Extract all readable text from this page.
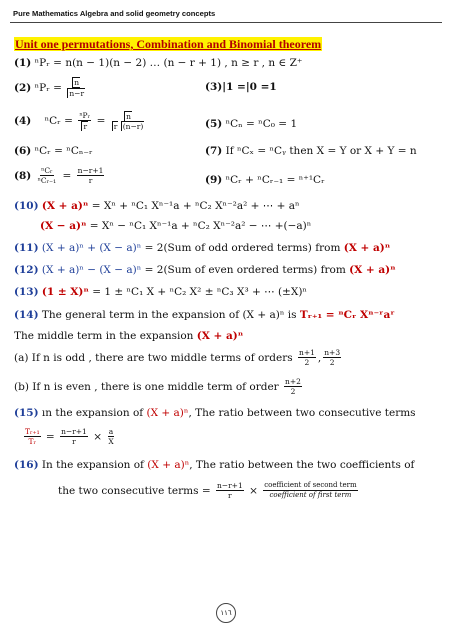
Pure Mathematics Algebra and solid geometry concepts
Unit one permutations, Combination and Binomial theorem
(1) ⁿPᵣ = n(n − 1)(n − 2) … (n − r + 1) , n ≥ r , n ∈ Z⁺
(2) ⁿPᵣ = $\frac{n}{n-r}$	(3)|1 =|0 =1
(4) ⁿCᵣ = $\frac{\text{ⁿPᵣ}}{r} = \frac{n}{r (n-r)}$	(5) ⁿCₙ = ⁿC₀ = 1
(6) ⁿCᵣ = ⁿCₙ₋ᵣ	(7) If ⁿCₓ = ⁿCᵧ then X = Y or X + Y = n
$(8) \frac{\text{ⁿCᵣ}}{\text{ⁿCᵣ₋₁}} = \frac{n-r+1}{r}$	(9) ⁿCᵣ + ⁿCᵣ₋₁ = ⁿ⁺¹Cᵣ
(10) (X + a)ⁿ = Xⁿ + ⁿC₁ Xⁿ⁻¹a + ⁿC₂ Xⁿ⁻²a² + ⋯ + aⁿ
(X − a)ⁿ = Xⁿ − ⁿC₁ Xⁿ⁻¹a + ⁿC₂ Xⁿ⁻²a² − ⋯ +(−a)ⁿ
(11) (X + a)ⁿ + (X − a)ⁿ = 2(Sum of odd ordered terms) from (X + a)ⁿ
(12) (X + a)ⁿ − (X − a)ⁿ = 2(Sum of even ordered terms) from (X + a)ⁿ
(13) (1 ± X)ⁿ = 1 ± ⁿC₁ X + ⁿC₂ X² ± ⁿC₃ X³ + ⋯ (±X)ⁿ
(14) The general term in the expansion of (X + a)ⁿ is Tᵣ₊₁ = ⁿCᵣ Xⁿ⁻ʳaʳ
The middle term in the expansion (X + a)ⁿ
(a) If n is odd , there are two middle terms of orders $\frac{n+1}{2}$ , $\frac{n+3}{2}$
(b) If n is even , there is one middle term of order $\frac{n+2}{2}$
(15) ın the expansion of (X + a)ⁿ, The ratio between two consecutive terms
$\frac{\text{Tᵣ₊₁}}{\text{Tᵣ}} = \frac{n-r+1}{r} \times \frac{a}{X}$
(16) In the expansion of (X + a)ⁿ, The ratio between the two coefficients of
the two consecutive terms = $\frac{n-r+1}{r} \times \frac{\text{coefficient of second term}}{\text{coefficient of first term}}$
١١٦
